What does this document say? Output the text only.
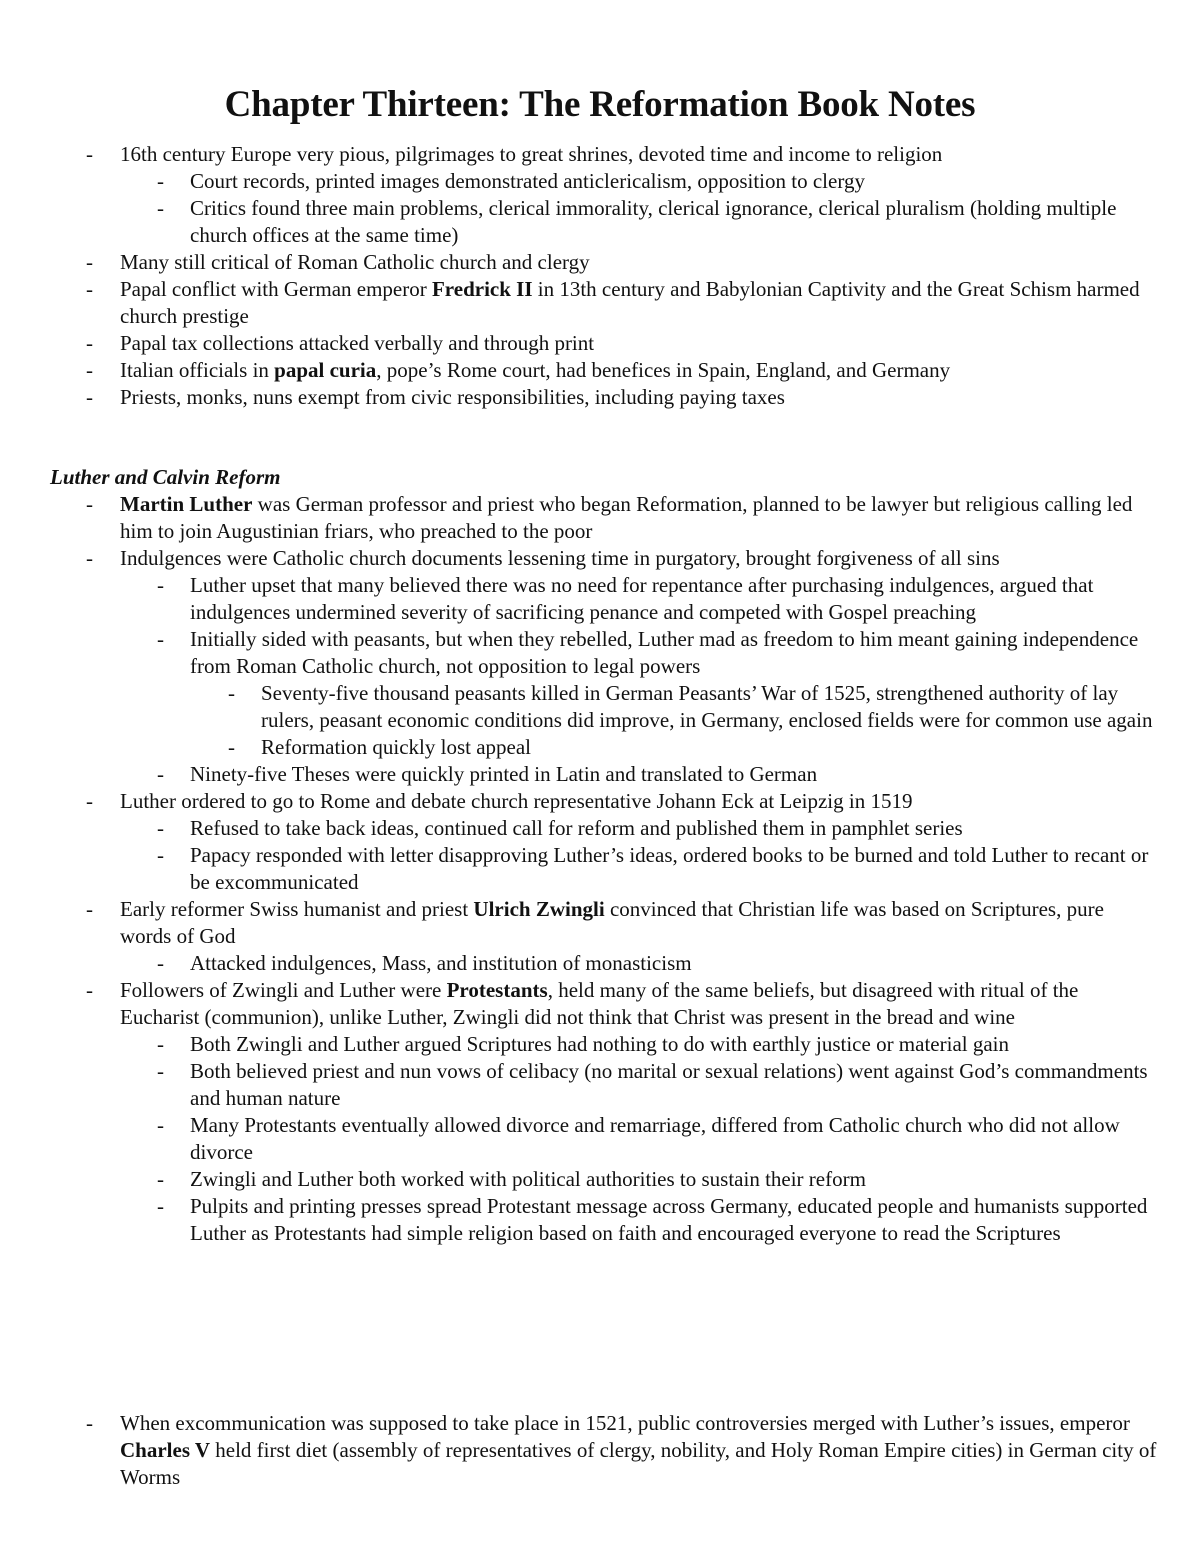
Chapter Thirteen: The Reformation Book Notes
- 16th century Europe very pious, pilgrimages to great shrines, devoted time and income to religion
- Court records, printed images demonstrated anticlericalism, opposition to clergy
- Critics found three main problems, clerical immorality, clerical ignorance, clerical pluralism (holding multiple church offices at the same time)
- Many still critical of Roman Catholic church and clergy
- Papal conflict with German emperor Fredrick II in 13th century and Babylonian Captivity and the Great Schism harmed church prestige
- Papal tax collections attacked verbally and through print
- Italian officials in papal curia, pope’s Rome court, had benefices in Spain, England, and Germany
- Priests, monks, nuns exempt from civic responsibilities, including paying taxes
Luther and Calvin Reform
- Martin Luther was German professor and priest who began Reformation, planned to be lawyer but religious calling led him to join Augustinian friars, who preached to the poor
- Indulgences were Catholic church documents lessening time in purgatory, brought forgiveness of all sins
- Luther upset that many believed there was no need for repentance after purchasing indulgences, argued that indulgences undermined severity of sacrificing penance and competed with Gospel preaching
- Initially sided with peasants, but when they rebelled, Luther mad as freedom to him meant gaining independence from Roman Catholic church, not opposition to legal powers
- Seventy-five thousand peasants killed in German Peasants’ War of 1525, strengthened authority of lay rulers, peasant economic conditions did improve, in Germany, enclosed fields were for common use again
- Reformation quickly lost appeal
- Ninety-five Theses were quickly printed in Latin and translated to German
- Luther ordered to go to Rome and debate church representative Johann Eck at Leipzig in 1519
- Refused to take back ideas, continued call for reform and published them in pamphlet series
- Papacy responded with letter disapproving Luther’s ideas, ordered books to be burned and told Luther to recant or be excommunicated
- Early reformer Swiss humanist and priest Ulrich Zwingli convinced that Christian life was based on Scriptures, pure words of God
- Attacked indulgences, Mass, and institution of monasticism
- Followers of Zwingli and Luther were Protestants, held many of the same beliefs, but disagreed with ritual of the Eucharist (communion), unlike Luther, Zwingli did not think that Christ was present in the bread and wine
- Both Zwingli and Luther argued Scriptures had nothing to do with earthly justice or material gain
- Both believed priest and nun vows of celibacy (no marital or sexual relations) went against God’s commandments and human nature
- Many Protestants eventually allowed divorce and remarriage, differed from Catholic church who did not allow divorce
- Zwingli and Luther both worked with political authorities to sustain their reform
- Pulpits and printing presses spread Protestant message across Germany, educated people and humanists supported Luther as Protestants had simple religion based on faith and encouraged everyone to read the Scriptures
- When excommunication was supposed to take place in 1521, public controversies merged with Luther’s issues, emperor Charles V held first diet (assembly of representatives of clergy, nobility, and Holy Roman Empire cities) in German city of Worms
